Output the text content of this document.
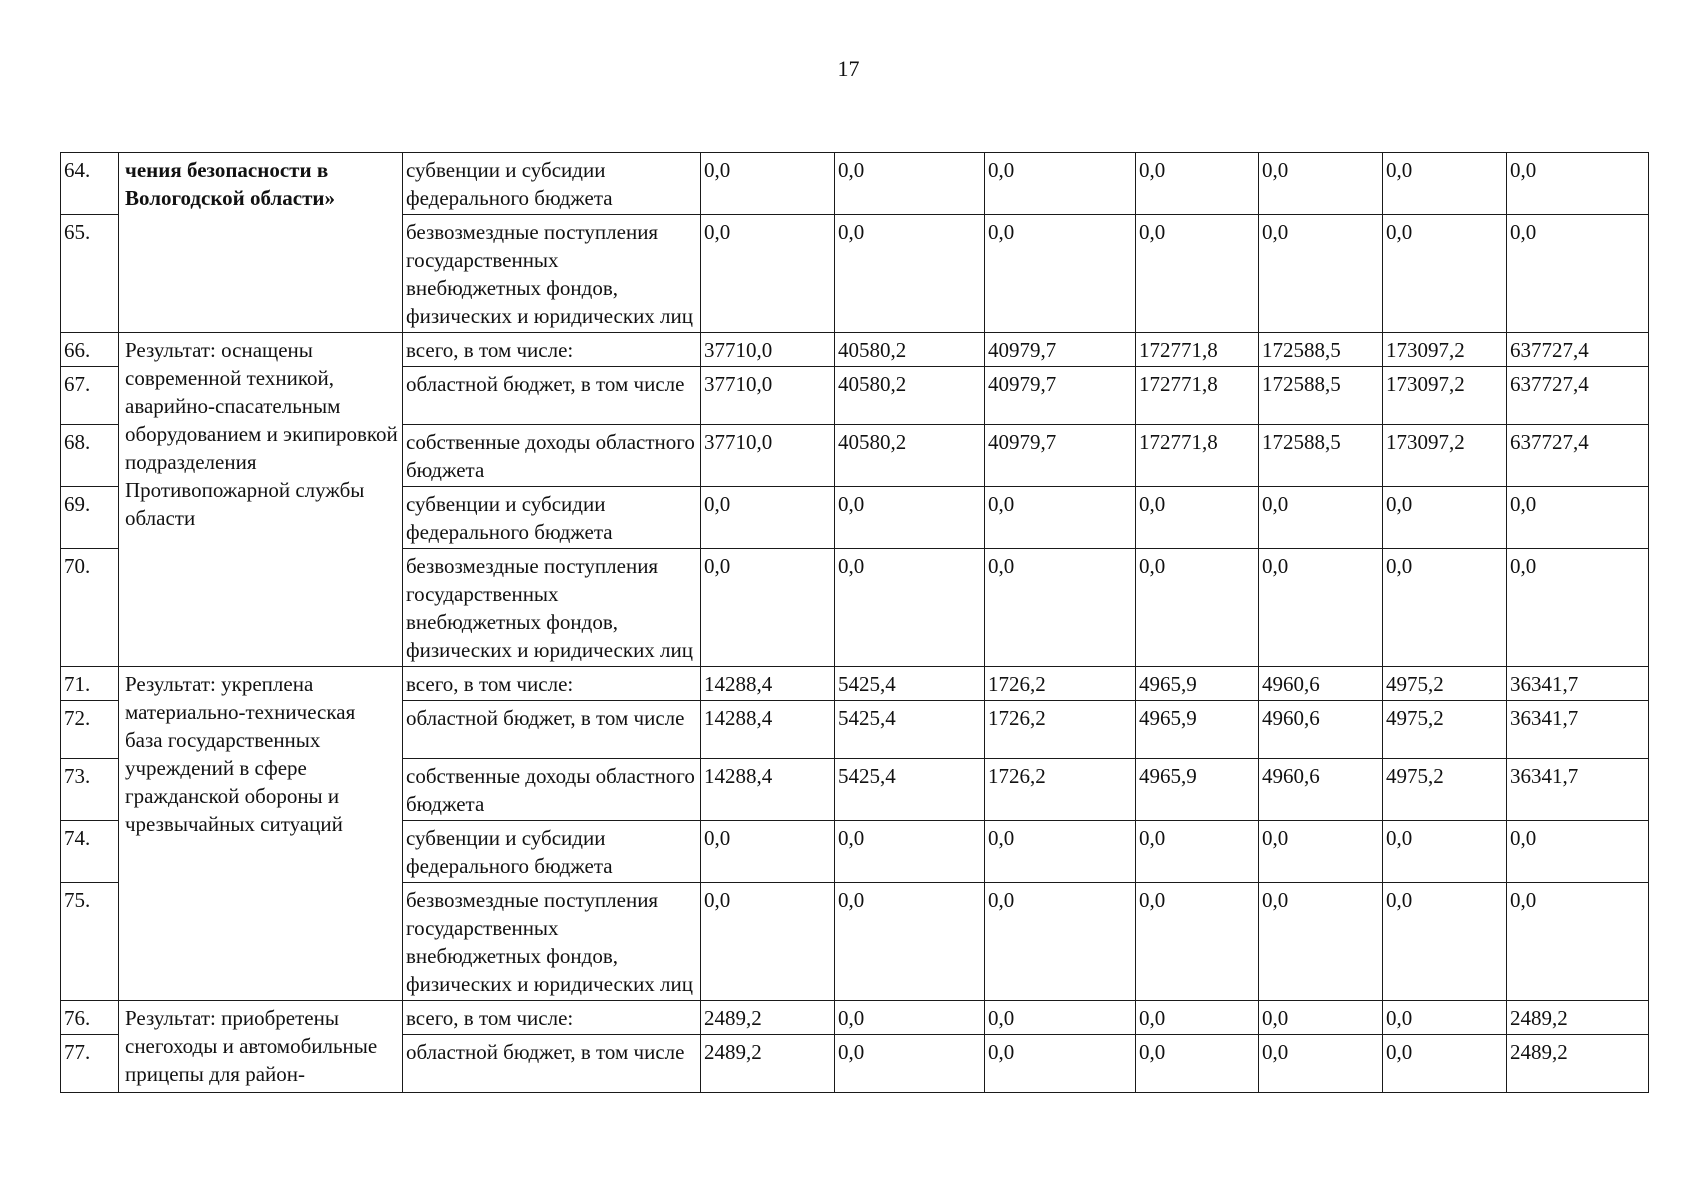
17
64.	чения безопасности в Вологодской области»	субвенции и субсидии федерального бюджета	0,0	0,0	0,0	0,0	0,0	0,0	0,0
65.		безвозмездные поступления государственных внебюджетных фондов, физических и юридических лиц	0,0	0,0	0,0	0,0	0,0	0,0	0,0
66.	Результат: оснащены современной техникой, аварийно-спасательным оборудованием и экипировкой подразделения Противопожарной службы области	всего, в том числе:	37710,0	40580,2	40979,7	172771,8	172588,5	173097,2	637727,4
67.		областной бюджет, в том числе	37710,0	40580,2	40979,7	172771,8	172588,5	173097,2	637727,4
68.		собственные доходы областного бюджета	37710,0	40580,2	40979,7	172771,8	172588,5	173097,2	637727,4
69.		субвенции и субсидии федерального бюджета	0,0	0,0	0,0	0,0	0,0	0,0	0,0
70.		безвозмездные поступления государственных внебюджетных фондов, физических и юридических лиц	0,0	0,0	0,0	0,0	0,0	0,0	0,0
71.	Результат: укреплена материально-техническая база государственных учреждений в сфере гражданской обороны и чрезвычайных ситуаций	всего, в том числе:	14288,4	5425,4	1726,2	4965,9	4960,6	4975,2	36341,7
72.		областной бюджет, в том числе	14288,4	5425,4	1726,2	4965,9	4960,6	4975,2	36341,7
73.		собственные доходы областного бюджета	14288,4	5425,4	1726,2	4965,9	4960,6	4975,2	36341,7
74.		субвенции и субсидии федерального бюджета	0,0	0,0	0,0	0,0	0,0	0,0	0,0
75.		безвозмездные поступления государственных внебюджетных фондов, физических и юридических лиц	0,0	0,0	0,0	0,0	0,0	0,0	0,0
76.	Результат: приобретены снегоходы и автомобильные прицепы для район-	всего, в том числе:	2489,2	0,0	0,0	0,0	0,0	0,0	2489,2
77.		областной бюджет, в том числе	2489,2	0,0	0,0	0,0	0,0	0,0	2489,2
